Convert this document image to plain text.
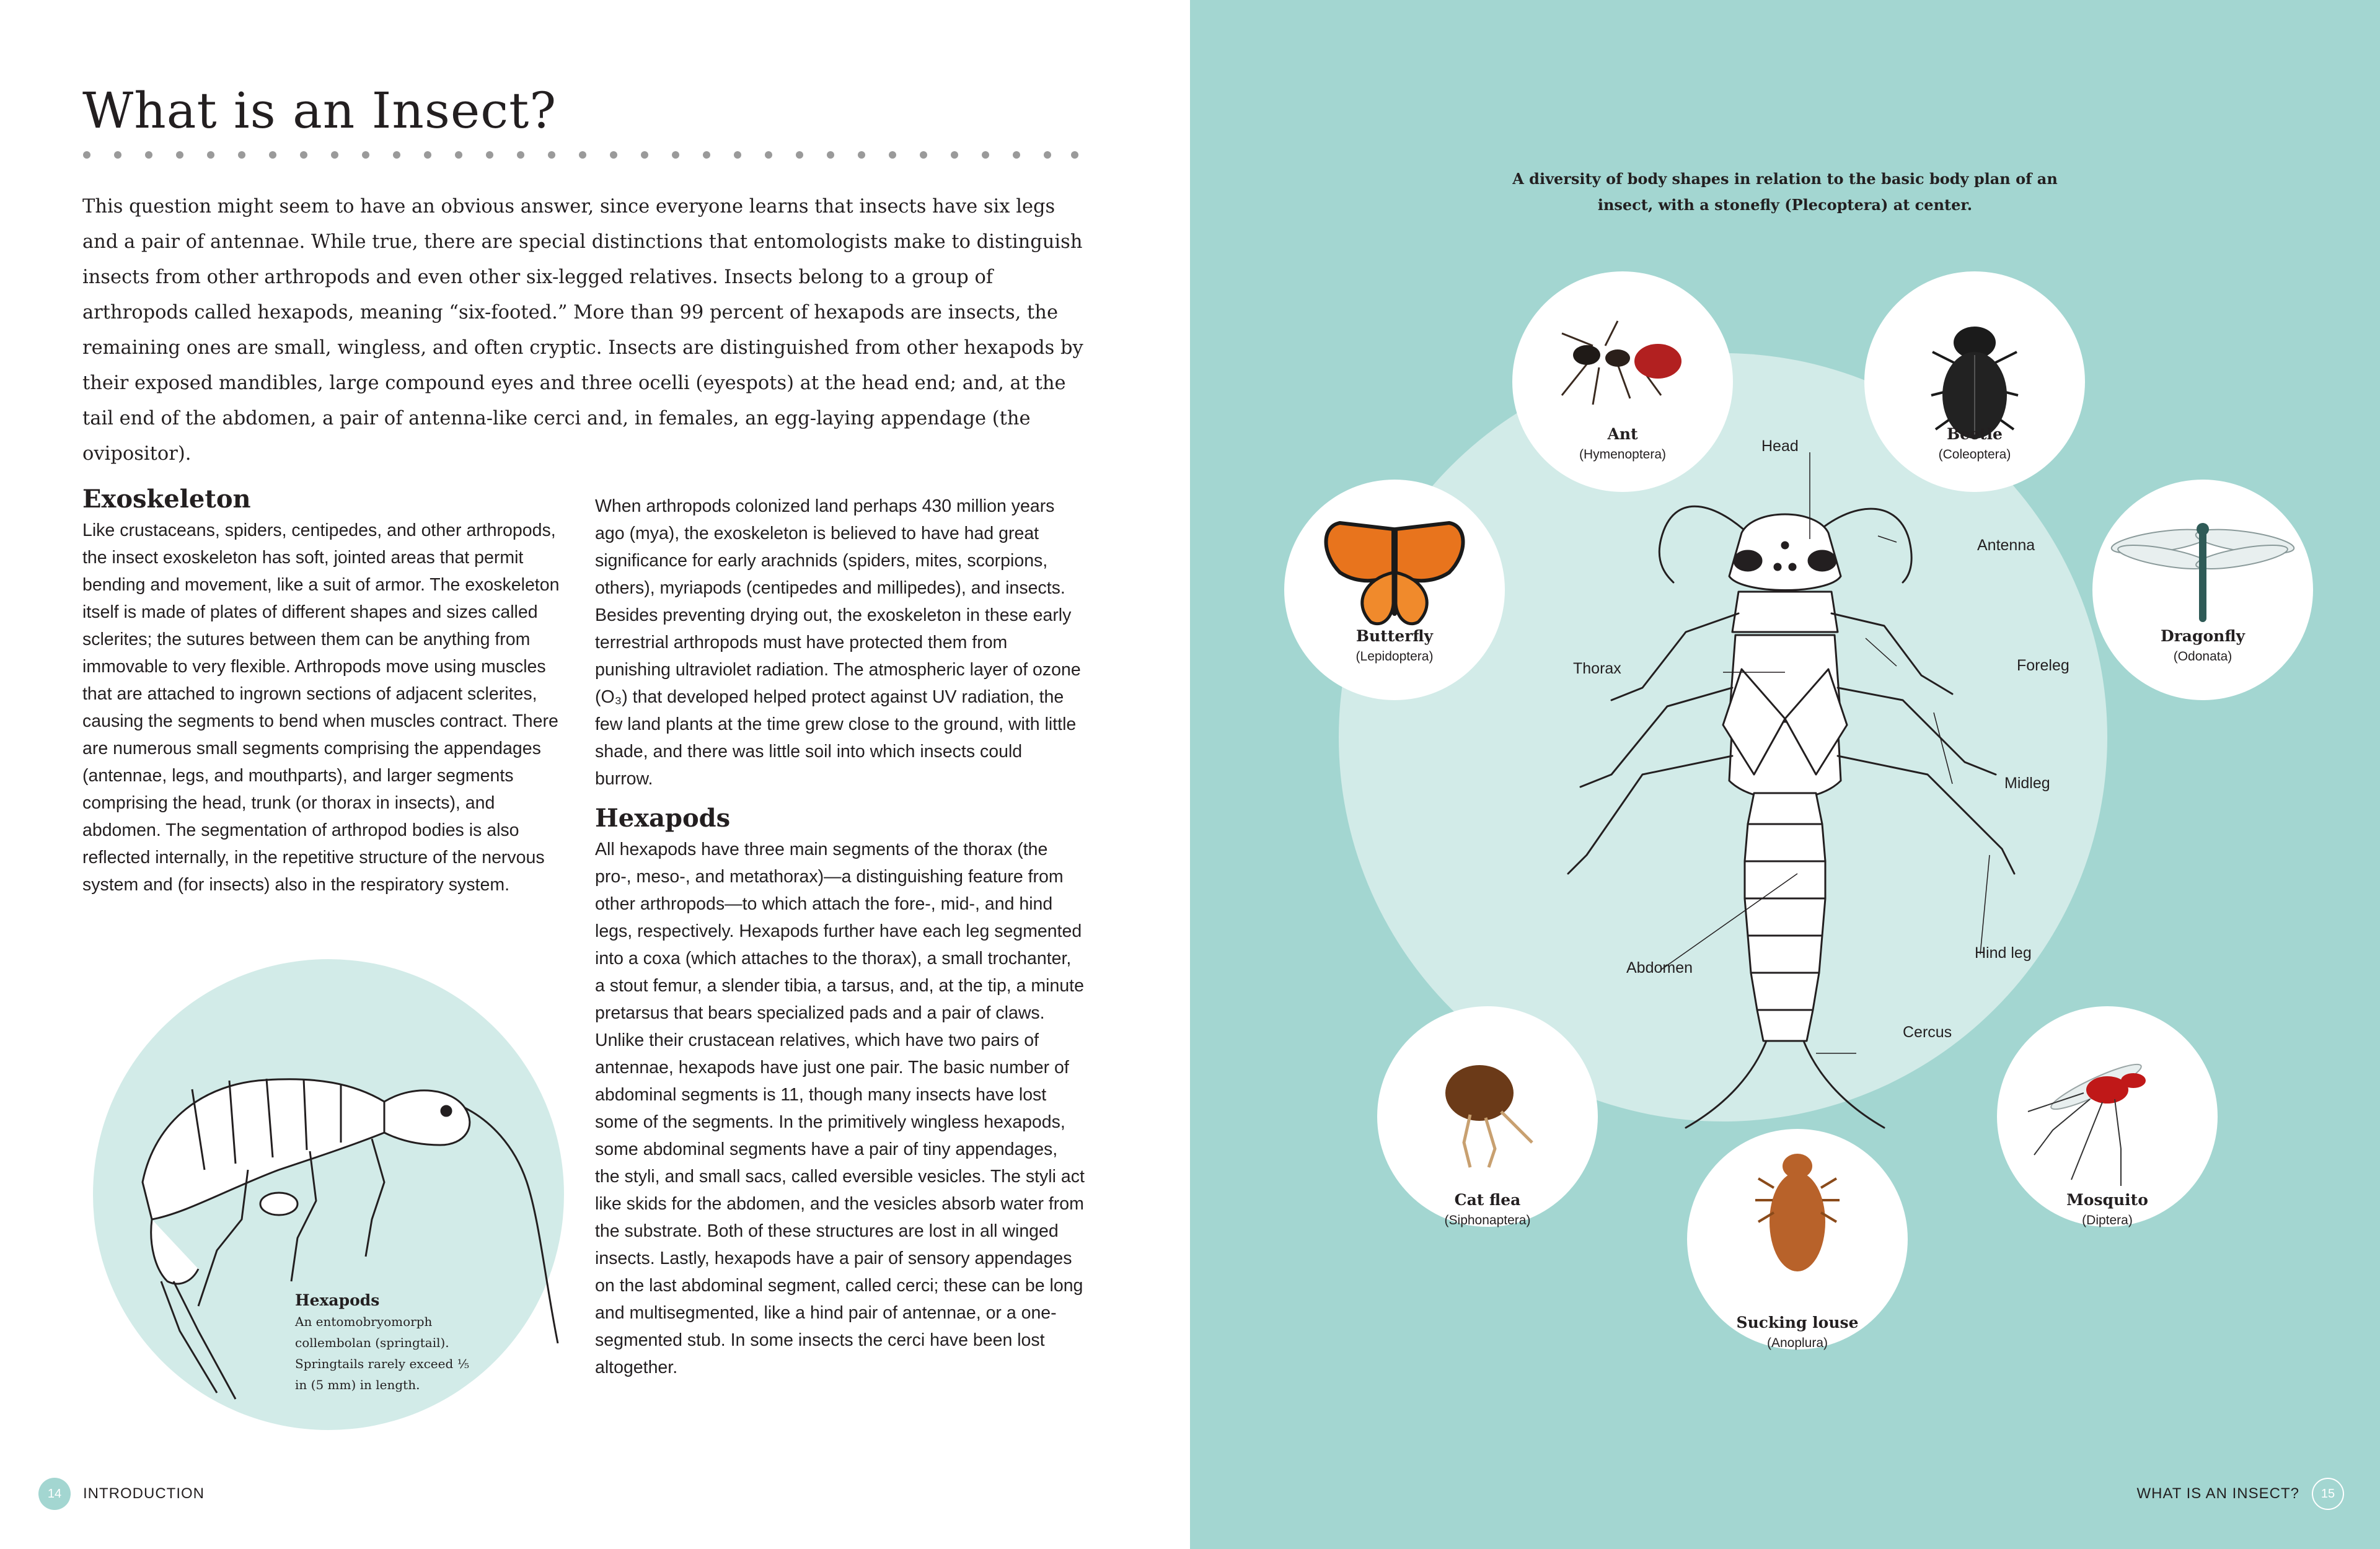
What is an Insect?

This question might seem to have an obvious answer, since everyone learns that insects have six legs and a pair of antennae. While true, there are special distinctions that entomologists make to distinguish insects from other arthropods and even other six-legged relatives. Insects belong to a group of arthropods called hexapods, meaning “six-footed.” More than 99 percent of hexapods are insects, the remaining ones are small, wingless, and often cryptic. Insects are distinguished from other hexapods by their exposed mandibles, large compound eyes and three ocelli (eyespots) at the head end; and, at the tail end of the abdomen, a pair of antenna-like cerci and, in females, an egg-laying appendage (the ovipositor).

Exoskeleton

Like crustaceans, spiders, centipedes, and other arthropods, the insect exoskeleton has soft, jointed areas that permit bending and movement, like a suit of armor. The exoskeleton itself is made of plates of different shapes and sizes called sclerites; the sutures between them can be anything from immovable to very flexible. Arthropods move using muscles that are attached to ingrown sections of adjacent sclerites, causing the segments to bend when muscles contract. There are numerous small segments comprising the appendages (antennae, legs, and mouthparts), and larger segments comprising the head, trunk (or thorax in insects), and abdomen. The segmentation of arthropod bodies is also reflected internally, in the repetitive structure of the nervous system and (for insects) also in the respiratory system.

When arthropods colonized land perhaps 430 million years ago (mya), the exoskeleton is believed to have had great significance for early arachnids (spiders, mites, scorpions, others), myriapods (centipedes and millipedes), and insects. Besides preventing drying out, the exoskeleton in these early terrestrial arthropods must have protected them from punishing ultraviolet radiation. The atmospheric layer of ozone (O₃) that developed helped protect against UV radiation, the few land plants at the time grew close to the ground, with little shade, and there was little soil into which insects could burrow.

Hexapods

All hexapods have three main segments of the thorax (the pro-, meso-, and metathorax)—a distinguishing feature from other arthropods—to which attach the fore-, mid-, and hind legs, respectively. Hexapods further have each leg segmented into a coxa (which attaches to the thorax), a small trochanter, a stout femur, a slender tibia, a tarsus, and, at the tip, a minute pretarsus that bears specialized pads and a pair of claws. Unlike their crustacean relatives, which have two pairs of antennae, hexapods have just one pair. The basic number of abdominal segments is 11, though many insects have lost some of the segments. In the primitively wingless hexapods, some abdominal segments have a pair of tiny appendages, the styli, and small sacs, called eversible vesicles. The styli act like skids for the abdomen, and the vesicles absorb water from the substrate. Both of these structures are lost in all winged insects. Lastly, hexapods have a pair of sensory appendages on the last abdominal segment, called cerci; these can be long and multisegmented, like a hind pair of antennae, or a one-segmented stub. In some insects the cerci have been lost altogether.

Hexapods
An entomobryomorph collembolan (springtail). Springtails rarely exceed ¹⁄₅ in (5 mm) in length.
14	INTRODUCTION
A diversity of body shapes in relation to the basic body plan of an insect, with a stonefly (Plecoptera) at center.
Head
Antenna
Thorax	Foreleg
Midleg
Hind leg
Abdomen
Cercus
Ant
(Hymenoptera)
Beetle
(Coleoptera)
Butterfly
(Lepidoptera)
Dragonfly
(Odonata)
Cat flea
(Siphonaptera)
Mosquito
(Diptera)
Sucking louse
(Anoplura)
WHAT IS AN INSECT?	15
